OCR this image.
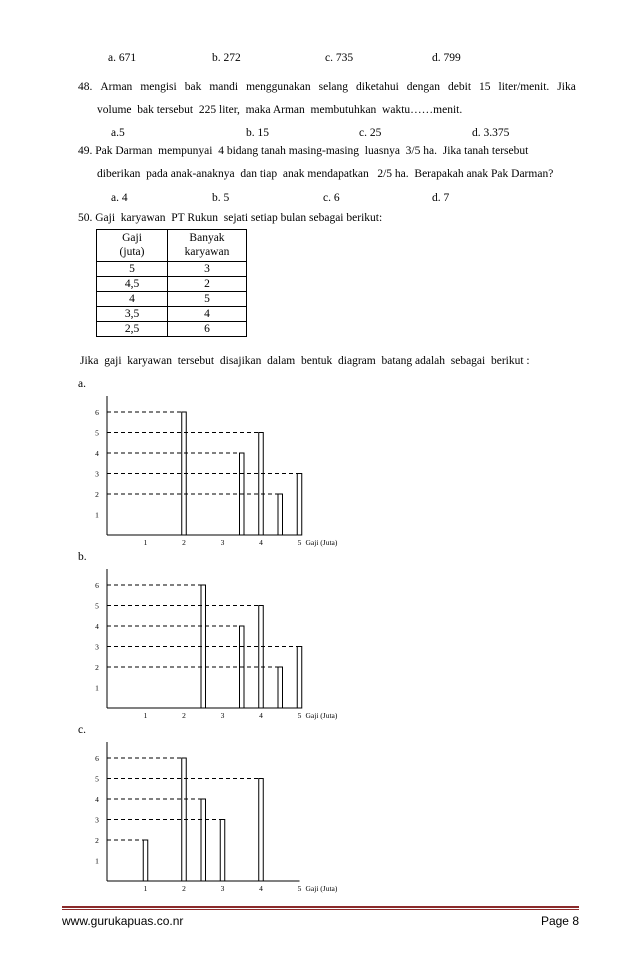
a. 671	b. 272	c. 735	d. 799
48. Arman mengisi bak mandi menggunakan selang diketahui dengan debit 15 liter/menit. Jika
volume  bak tersebut  225 liter,  maka Arman  membutuhkan  waktu……menit.
a.5	b. 15	c. 25	d. 3.375
49. Pak Darman  mempunyai  4 bidang tanah masing-masing  luasnya  3/5 ha.  Jika tanah tersebut
diberikan  pada anak-anaknya  dan tiap  anak mendapatkan   2/5 ha.  Berapakah anak Pak Darman?
a. 4	b. 5	c. 6	d. 7
50. Gaji  karyawan  PT Rukun  sejati setiap bulan sebagai berikut:
Gaji
(juta)	Banyak
karyawan
5	3
4,5	2
4	5
3,5	4
2,5	6
Jika  gaji  karyawan  tersebut  disajikan  dalam  bentuk  diagram  batang adalah  sebagai  berikut :
a.
1
2
3
4
5
6
1	2	3	4	5 Gaji (Juta)
b.
1
2
3
4
5
6
1	2	3	4	5 Gaji (Juta)
c.
1
2
3
4
5
6
1	2	3	4	5 Gaji (Juta)
www.gurukapuas.co.nr	Page 8
